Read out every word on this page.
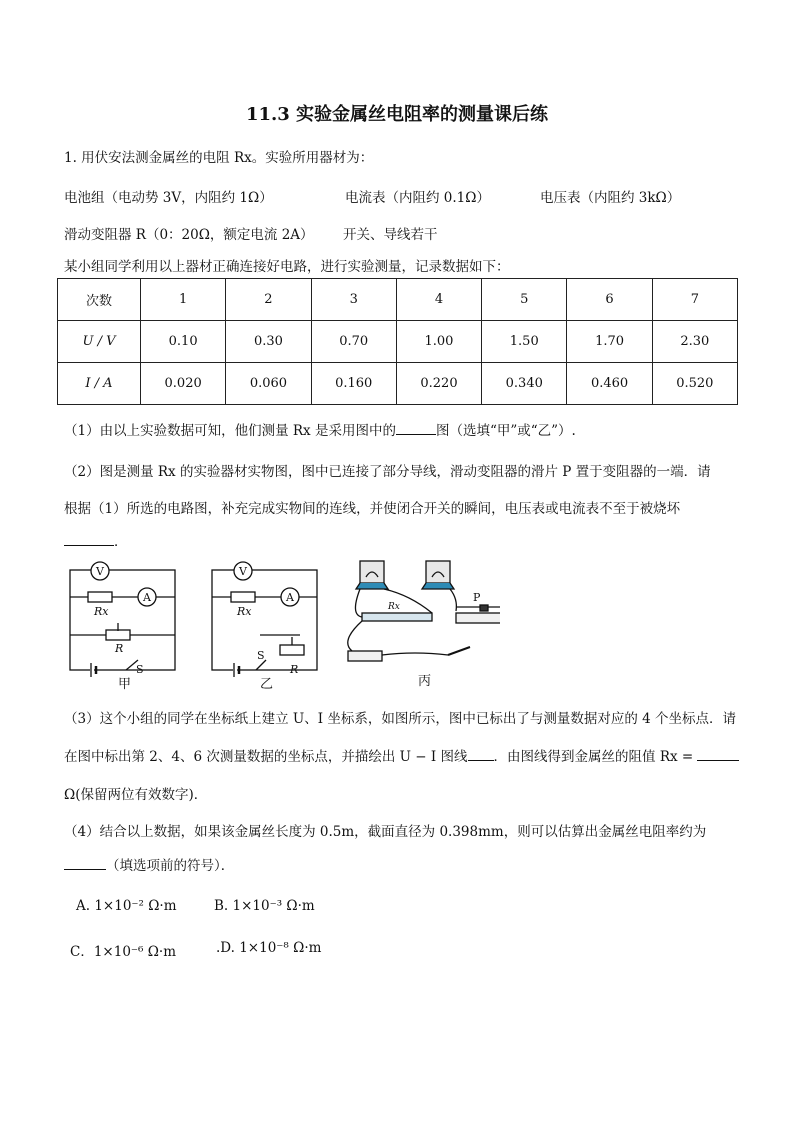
11.3 实验金属丝电阻率的测量课后练
1. 用伏安法测金属丝的电阻 Rx。实验所用器材为：
电池组（电动势 3V，内阻约 1Ω）	电流表（内阻约 0.1Ω）	电压表（内阻约 3kΩ）
滑动变阻器 R（0：20Ω，额定电流 2A） 开关、导线若干
某小组同学利用以上器材正确连接好电路，进行实验测量，记录数据如下：
次数	1	2	3	4	5	6	7
U / V	0.10	0.30	0.70	1.00	1.50	1.70	2.30
I / A	0.020	0.060	0.160	0.220	0.340	0.460	0.520
（1）由以上实验数据可知，他们测量 Rx 是采用图中的	图（选填“甲”或“乙”）.
（2）图是测量 Rx 的实验器材实物图，图中已连接了部分导线，滑动变阻器的滑片 P 置于变阻器的一端．请
根据（1）所选的电路图，补充完成实物间的连线，并使闭合开关的瞬间，电压表或电流表不至于被烧坏
．
V
A
Rx
R
S
甲
V
A
Rx
R
S
乙
Rx
P
丙
（3）这个小组的同学在坐标纸上建立 U、I 坐标系，如图所示，图中已标出了与测量数据对应的 4 个坐标点．请
在图中标出第 2、4、6 次测量数据的坐标点，并描绘出 U − I 图线 ．由图线得到金属丝的阻值 Rx =
Ω(保留两位有效数字)．
（4）结合以上数据，如果该金属丝长度为 0.5m，截面直径为 0.398mm，则可以估算出金属丝电阻率约为
（填选项前的符号）．
A. 1×10⁻² Ω·m	B. 1×10⁻³ Ω·m
C．1×10⁻⁶ Ω·m	.D. 1×10⁻⁸ Ω·m
